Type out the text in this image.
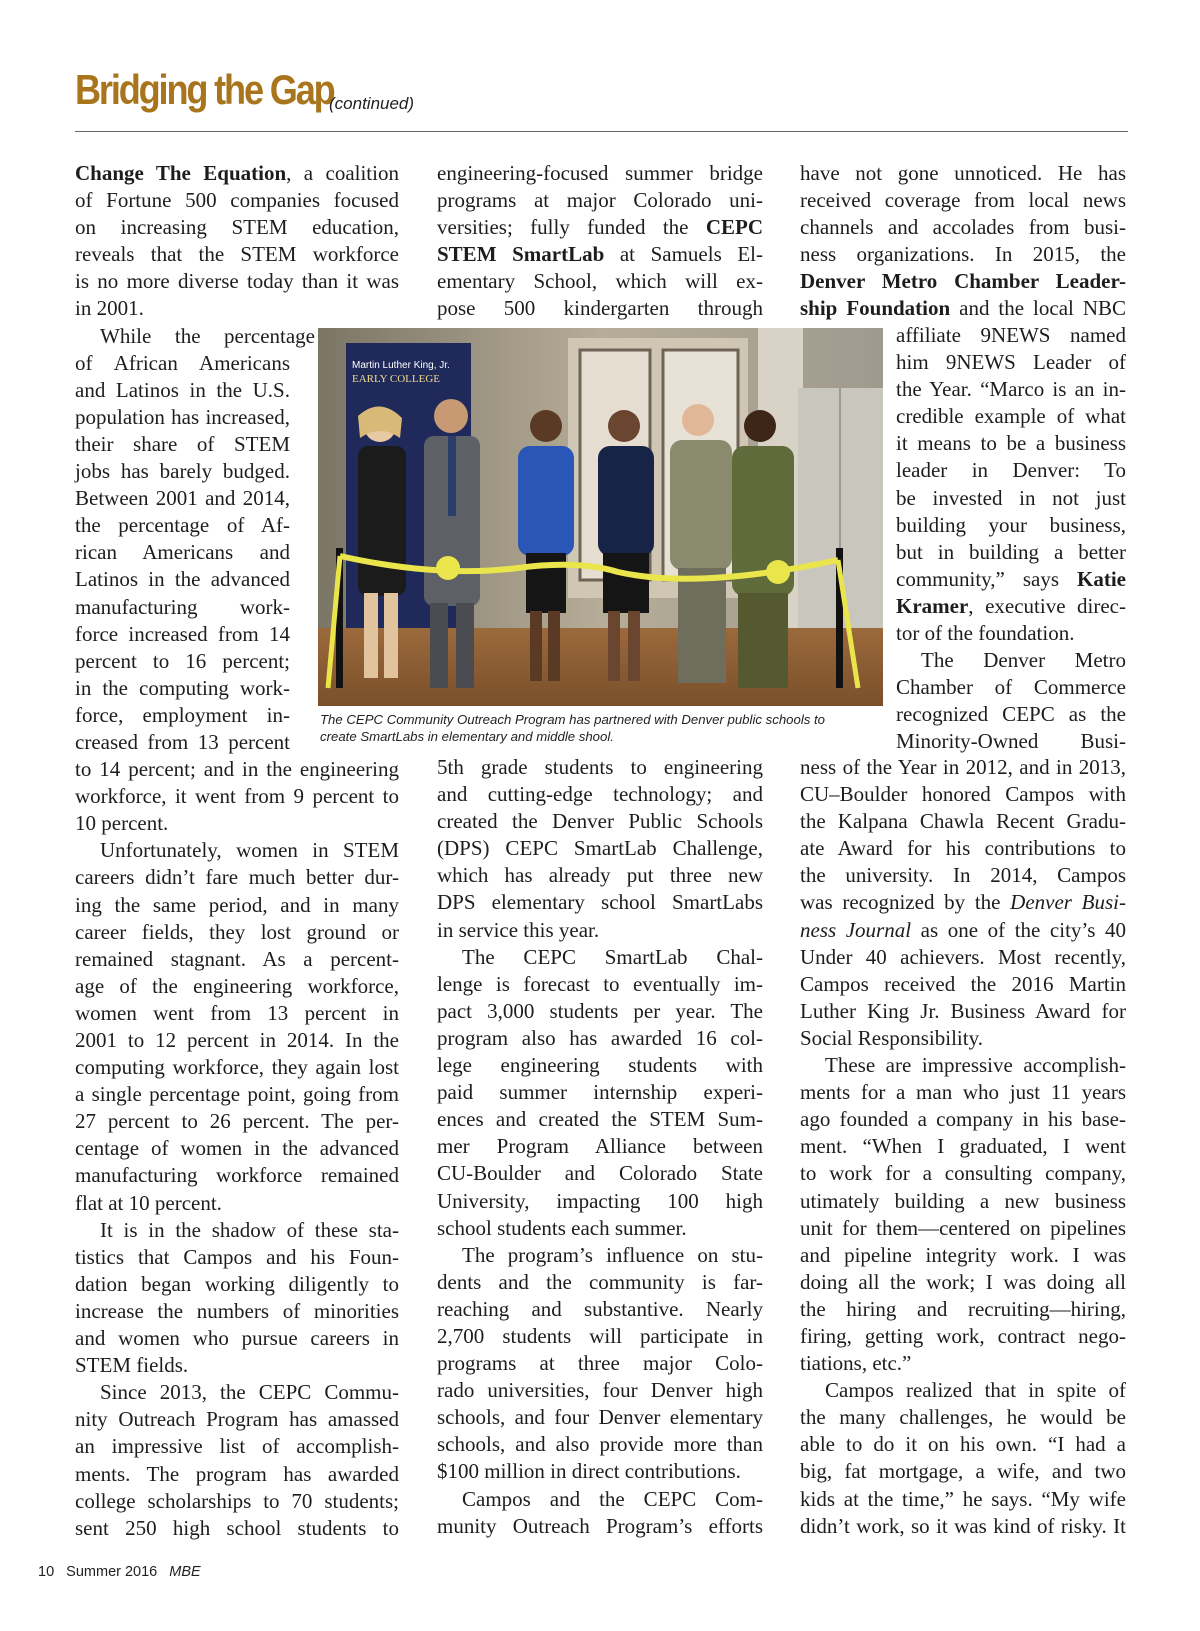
Bridging the Gap
(continued)
Change The Equation, a coalition
of Fortune 500 companies focused
on increasing STEM education,
reveals that the STEM workforce
is no more diverse today than it was
in 2001.
While the percentage
of African Americans
and Latinos in the U.S.
population has increased,
their share of STEM
jobs has barely budged.
Between 2001 and 2014,
the percentage of Af-
rican Americans and
Latinos in the advanced
manufacturing work-
force increased from 14
percent to 16 percent;
in the computing work-
force, employment in-
creased from 13 percent
to 14 percent; and in the engineering
workforce, it went from 9 percent to
10 percent.
Unfortunately, women in STEM
careers didn’t fare much better dur-
ing the same period, and in many
career fields, they lost ground or
remained stagnant. As a percent-
age of the engineering workforce,
women went from 13 percent in
2001 to 12 percent in 2014. In the
computing workforce, they again lost
a single percentage point, going from
27 percent to 26 percent. The per-
centage of women in the advanced
manufacturing workforce remained
flat at 10 percent.
It is in the shadow of these sta-
tistics that Campos and his Foun-
dation began working diligently to
increase the numbers of minorities
and women who pursue careers in
STEM fields.
Since 2013, the CEPC Commu-
nity Outreach Program has amassed
an impressive list of accomplish-
ments. The program has awarded
college scholarships to 70 students;
sent 250 high school students to
engineering-focused summer bridge
programs at major Colorado uni-
versities; fully funded the CEPC
STEM SmartLab at Samuels El-
ementary School, which will ex-
pose 500 kindergarten through
5th grade students to engineering
and cutting-edge technology; and
created the Denver Public Schools
(DPS) CEPC SmartLab Challenge,
which has already put three new
DPS elementary school SmartLabs
in service this year.
The CEPC SmartLab Chal-
lenge is forecast to eventually im-
pact 3,000 students per year. The
program also has awarded 16 col-
lege engineering students with
paid summer internship experi-
ences and created the STEM Sum-
mer Program Alliance between
CU-Boulder and Colorado State
University, impacting 100 high
school students each summer.
The program’s influence on stu-
dents and the community is far-
reaching and substantive. Nearly
2,700 students will participate in
programs at three major Colo-
rado universities, four Denver high
schools, and four Denver elementary
schools, and also provide more than
$100 million in direct contributions.
Campos and the CEPC Com-
munity Outreach Program’s efforts
have not gone unnoticed. He has
received coverage from local news
channels and accolades from busi-
ness organizations. In 2015, the
Denver Metro Chamber Leader-
ship Foundation and the local NBC
affiliate 9NEWS named
him 9NEWS Leader of
the Year. “Marco is an in-
credible example of what
it means to be a business
leader in Denver: To
be invested in not just
building your business,
but in building a better
community,” says Katie
Kramer, executive direc-
tor of the foundation.
The Denver Metro
Chamber of Commerce
recognized CEPC as the
Minority-Owned Busi-
ness of the Year in 2012, and in 2013,
CU–Boulder honored Campos with
the Kalpana Chawla Recent Gradu-
ate Award for his contributions to
the university. In 2014, Campos
was recognized by the Denver Busi-
ness Journal as one of the city’s 40
Under 40 achievers. Most recently,
Campos received the 2016 Martin
Luther King Jr. Business Award for
Social Responsibility.
These are impressive accomplish-
ments for a man who just 11 years
ago founded a company in his base-
ment. “When I graduated, I went
to work for a consulting company,
utimately building a new business
unit for them—centered on pipelines
and pipeline integrity work. I was
doing all the work; I was doing all
the hiring and recruiting—hiring,
firing, getting work, contract nego-
tiations, etc.”
Campos realized that in spite of
the many challenges, he would be
able to do it on his own. “I had a
big, fat mortgage, a wife, and two
kids at the time,” he says. “My wife
didn’t work, so it was kind of risky. It
Martin Luther King, Jr.
EARLY COLLEGE
The CEPC Community Outreach Program has partnered with Denver public schools to
create SmartLabs in elementary and middle shool.
10 Summer 2016 MBE
